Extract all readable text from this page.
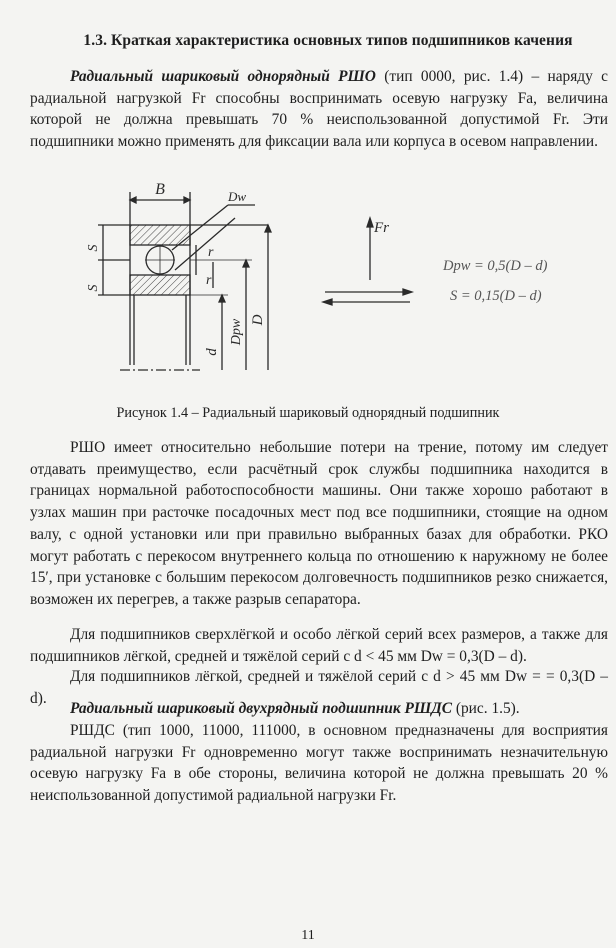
1.3. Краткая характеристика основных типов подшипников качения
Радиальный шариковый однорядный РШО (тип 0000, рис. 1.4) – наряду с радиальной нагрузкой Fr способны воспринимать осевую нагрузку Fa, величина которой не должна превышать 70 % неиспользованной допустимой Fr. Эти подшипники можно применять для фиксации вала или корпуса в осевом направлении.
B	Dw
S
S
r
r
d
Dpw D
Fr
Dpw = 0,5(D – d)
S = 0,15(D – d)
Рисунок 1.4 – Радиальный шариковый однорядный подшипник
РШО имеет относительно небольшие потери на трение, потому им следует отдавать преимущество, если расчётный срок службы подшипника находится в границах нормальной работоспособности машины. Они также хорошо работают в узлах машин при расточке посадочных мест под все подшипники, стоящие на одном валу, с одной установки или при правильно выбранных базах для обработки. РКО могут работать с перекосом внутреннего кольца по отношению к наружному не более 15′, при установке с большим перекосом долговечность подшипников резко снижается, возможен их перегрев, а также разрыв сепаратора.
Для подшипников сверхлёгкой и особо лёгкой серий всех размеров, а также для подшипников лёгкой, средней и тяжёлой серий с d < 45 мм Dw = 0,3(D – d).
Для подшипников лёгкой, средней и тяжёлой серий с d > 45 мм Dw = = 0,3(D – d).
Радиальный шариковый двухрядный подшипник РШДС (рис. 1.5).
РШДС (тип 1000, 11000, 111000, в основном предназначены для восприятия радиальной нагрузки Fr одновременно могут также воспринимать незначительную осевую нагрузку Fa в обе стороны, величина которой не должна превышать 20 % неиспользованной допустимой радиальной нагрузки Fr.
11
